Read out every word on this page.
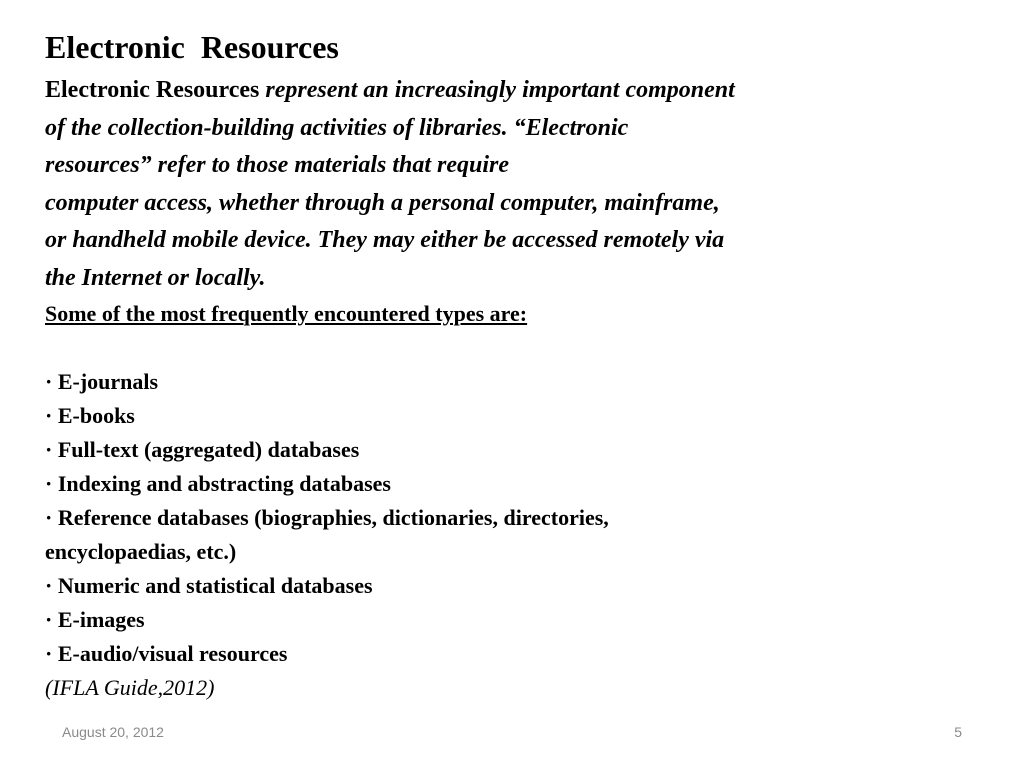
Electronic  Resources

Electronic Resources represent an increasingly important component
of the collection-building activities of libraries. “Electronic
resources” refer to those materials that require
computer access, whether through a personal computer, mainframe,
or handheld mobile device. They may either be accessed remotely via
the Internet or locally.

Some of the most frequently encountered types are:

· E-journals
· E-books
· Full-text (aggregated) databases
· Indexing and abstracting databases
· Reference databases (biographies, dictionaries, directories,
encyclopaedias, etc.)
· Numeric and statistical databases
· E-images
· E-audio/visual resources

(IFLA Guide,2012)

August 20, 2012	5
